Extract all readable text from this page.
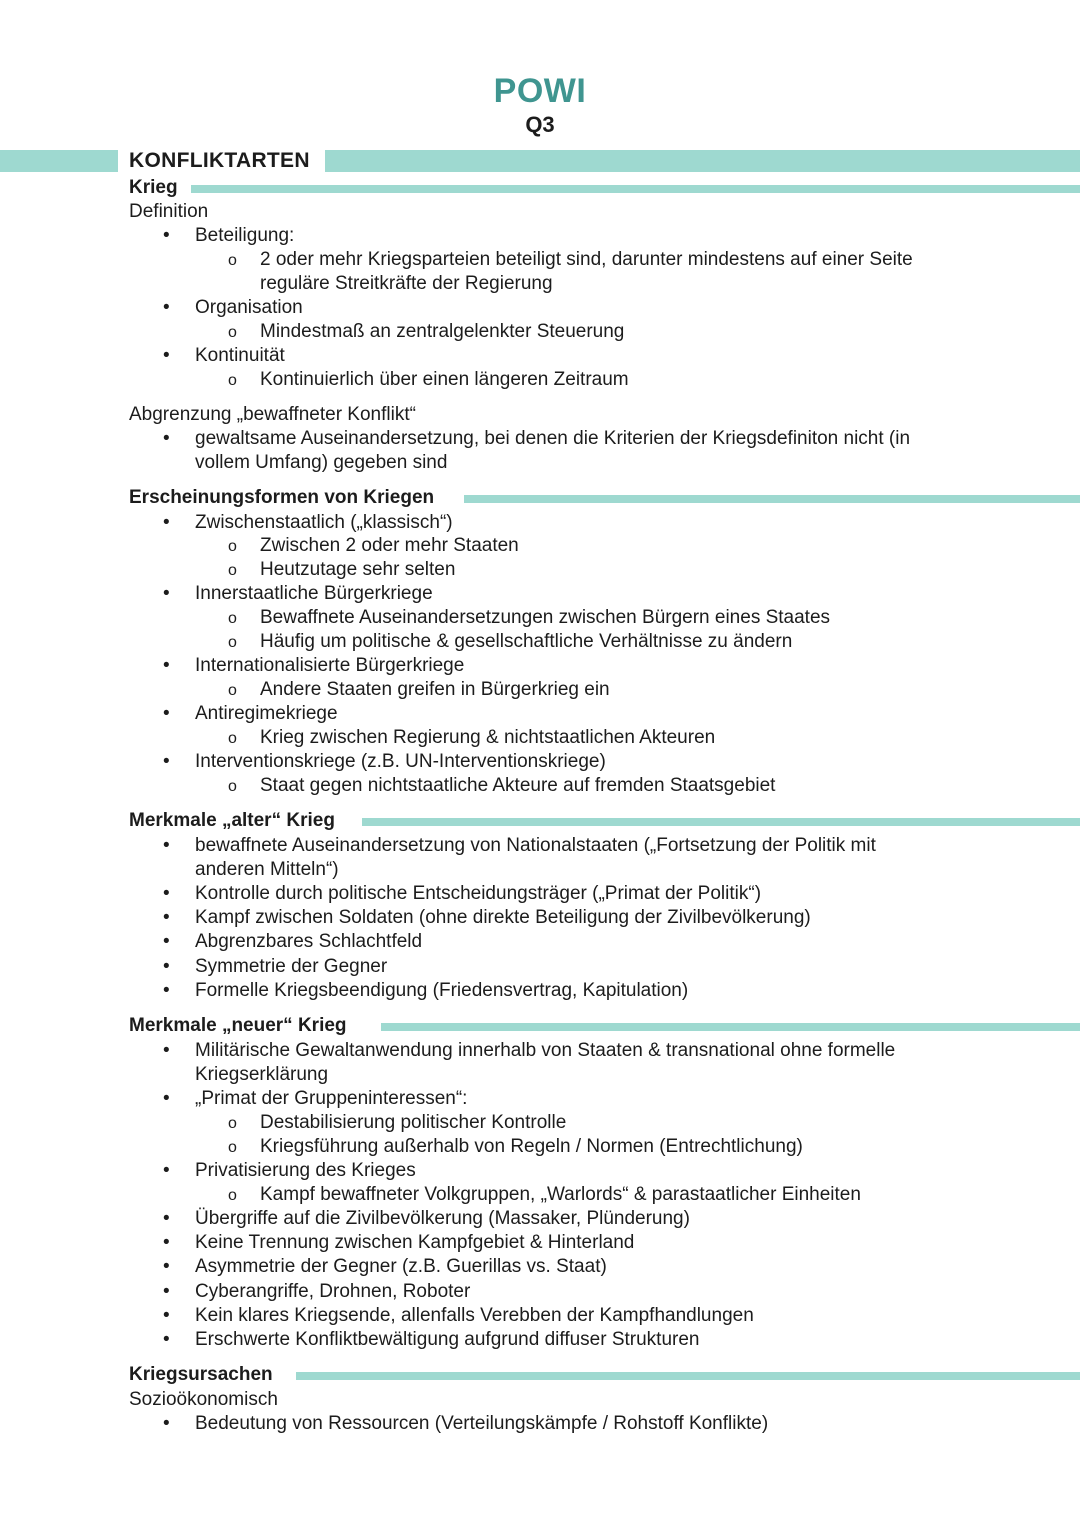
POWI
Q3
KONFLIKTARTEN
Krieg
Definition
• Beteiligung:
o 2 oder mehr Kriegsparteien beteiligt sind, darunter mindestens auf einer Seite
reguläre Streitkräfte der Regierung
• Organisation
o Mindestmaß an zentralgelenkter Steuerung
• Kontinuität
o Kontinuierlich über einen längeren Zeitraum
Abgrenzung „bewaffneter Konflikt“
• gewaltsame Auseinandersetzung, bei denen die Kriterien der Kriegsdefiniton nicht (in
vollem Umfang) gegeben sind
Erscheinungsformen von Kriegen
• Zwischenstaatlich („klassisch“)
o Zwischen 2 oder mehr Staaten
o Heutzutage sehr selten
• Innerstaatliche Bürgerkriege
o Bewaffnete Auseinandersetzungen zwischen Bürgern eines Staates
o Häufig um politische & gesellschaftliche Verhältnisse zu ändern
• Internationalisierte Bürgerkriege
o Andere Staaten greifen in Bürgerkrieg ein
• Antiregimekriege
o Krieg zwischen Regierung & nichtstaatlichen Akteuren
• Interventionskriege (z.B. UN-Interventionskriege)
o Staat gegen nichtstaatliche Akteure auf fremden Staatsgebiet
Merkmale „alter“ Krieg
• bewaffnete Auseinandersetzung von Nationalstaaten („Fortsetzung der Politik mit
anderen Mitteln“)
• Kontrolle durch politische Entscheidungsträger („Primat der Politik“)
• Kampf zwischen Soldaten (ohne direkte Beteiligung der Zivilbevölkerung)
• Abgrenzbares Schlachtfeld
• Symmetrie der Gegner
• Formelle Kriegsbeendigung (Friedensvertrag, Kapitulation)
Merkmale „neuer“ Krieg
• Militärische Gewaltanwendung innerhalb von Staaten & transnational ohne formelle
Kriegserklärung
• „Primat der Gruppeninteressen“:
o Destabilisierung politischer Kontrolle
o Kriegsführung außerhalb von Regeln / Normen (Entrechtlichung)
• Privatisierung des Krieges
o Kampf bewaffneter Volkgruppen, „Warlords“ & parastaatlicher Einheiten
• Übergriffe auf die Zivilbevölkerung (Massaker, Plünderung)
• Keine Trennung zwischen Kampfgebiet & Hinterland
• Asymmetrie der Gegner (z.B. Guerillas vs. Staat)
• Cyberangriffe, Drohnen, Roboter
• Kein klares Kriegsende, allenfalls Verebben der Kampfhandlungen
• Erschwerte Konfliktbewältigung aufgrund diffuser Strukturen
Kriegsursachen
Sozioökonomisch
• Bedeutung von Ressourcen (Verteilungskämpfe / Rohstoff Konflikte)
